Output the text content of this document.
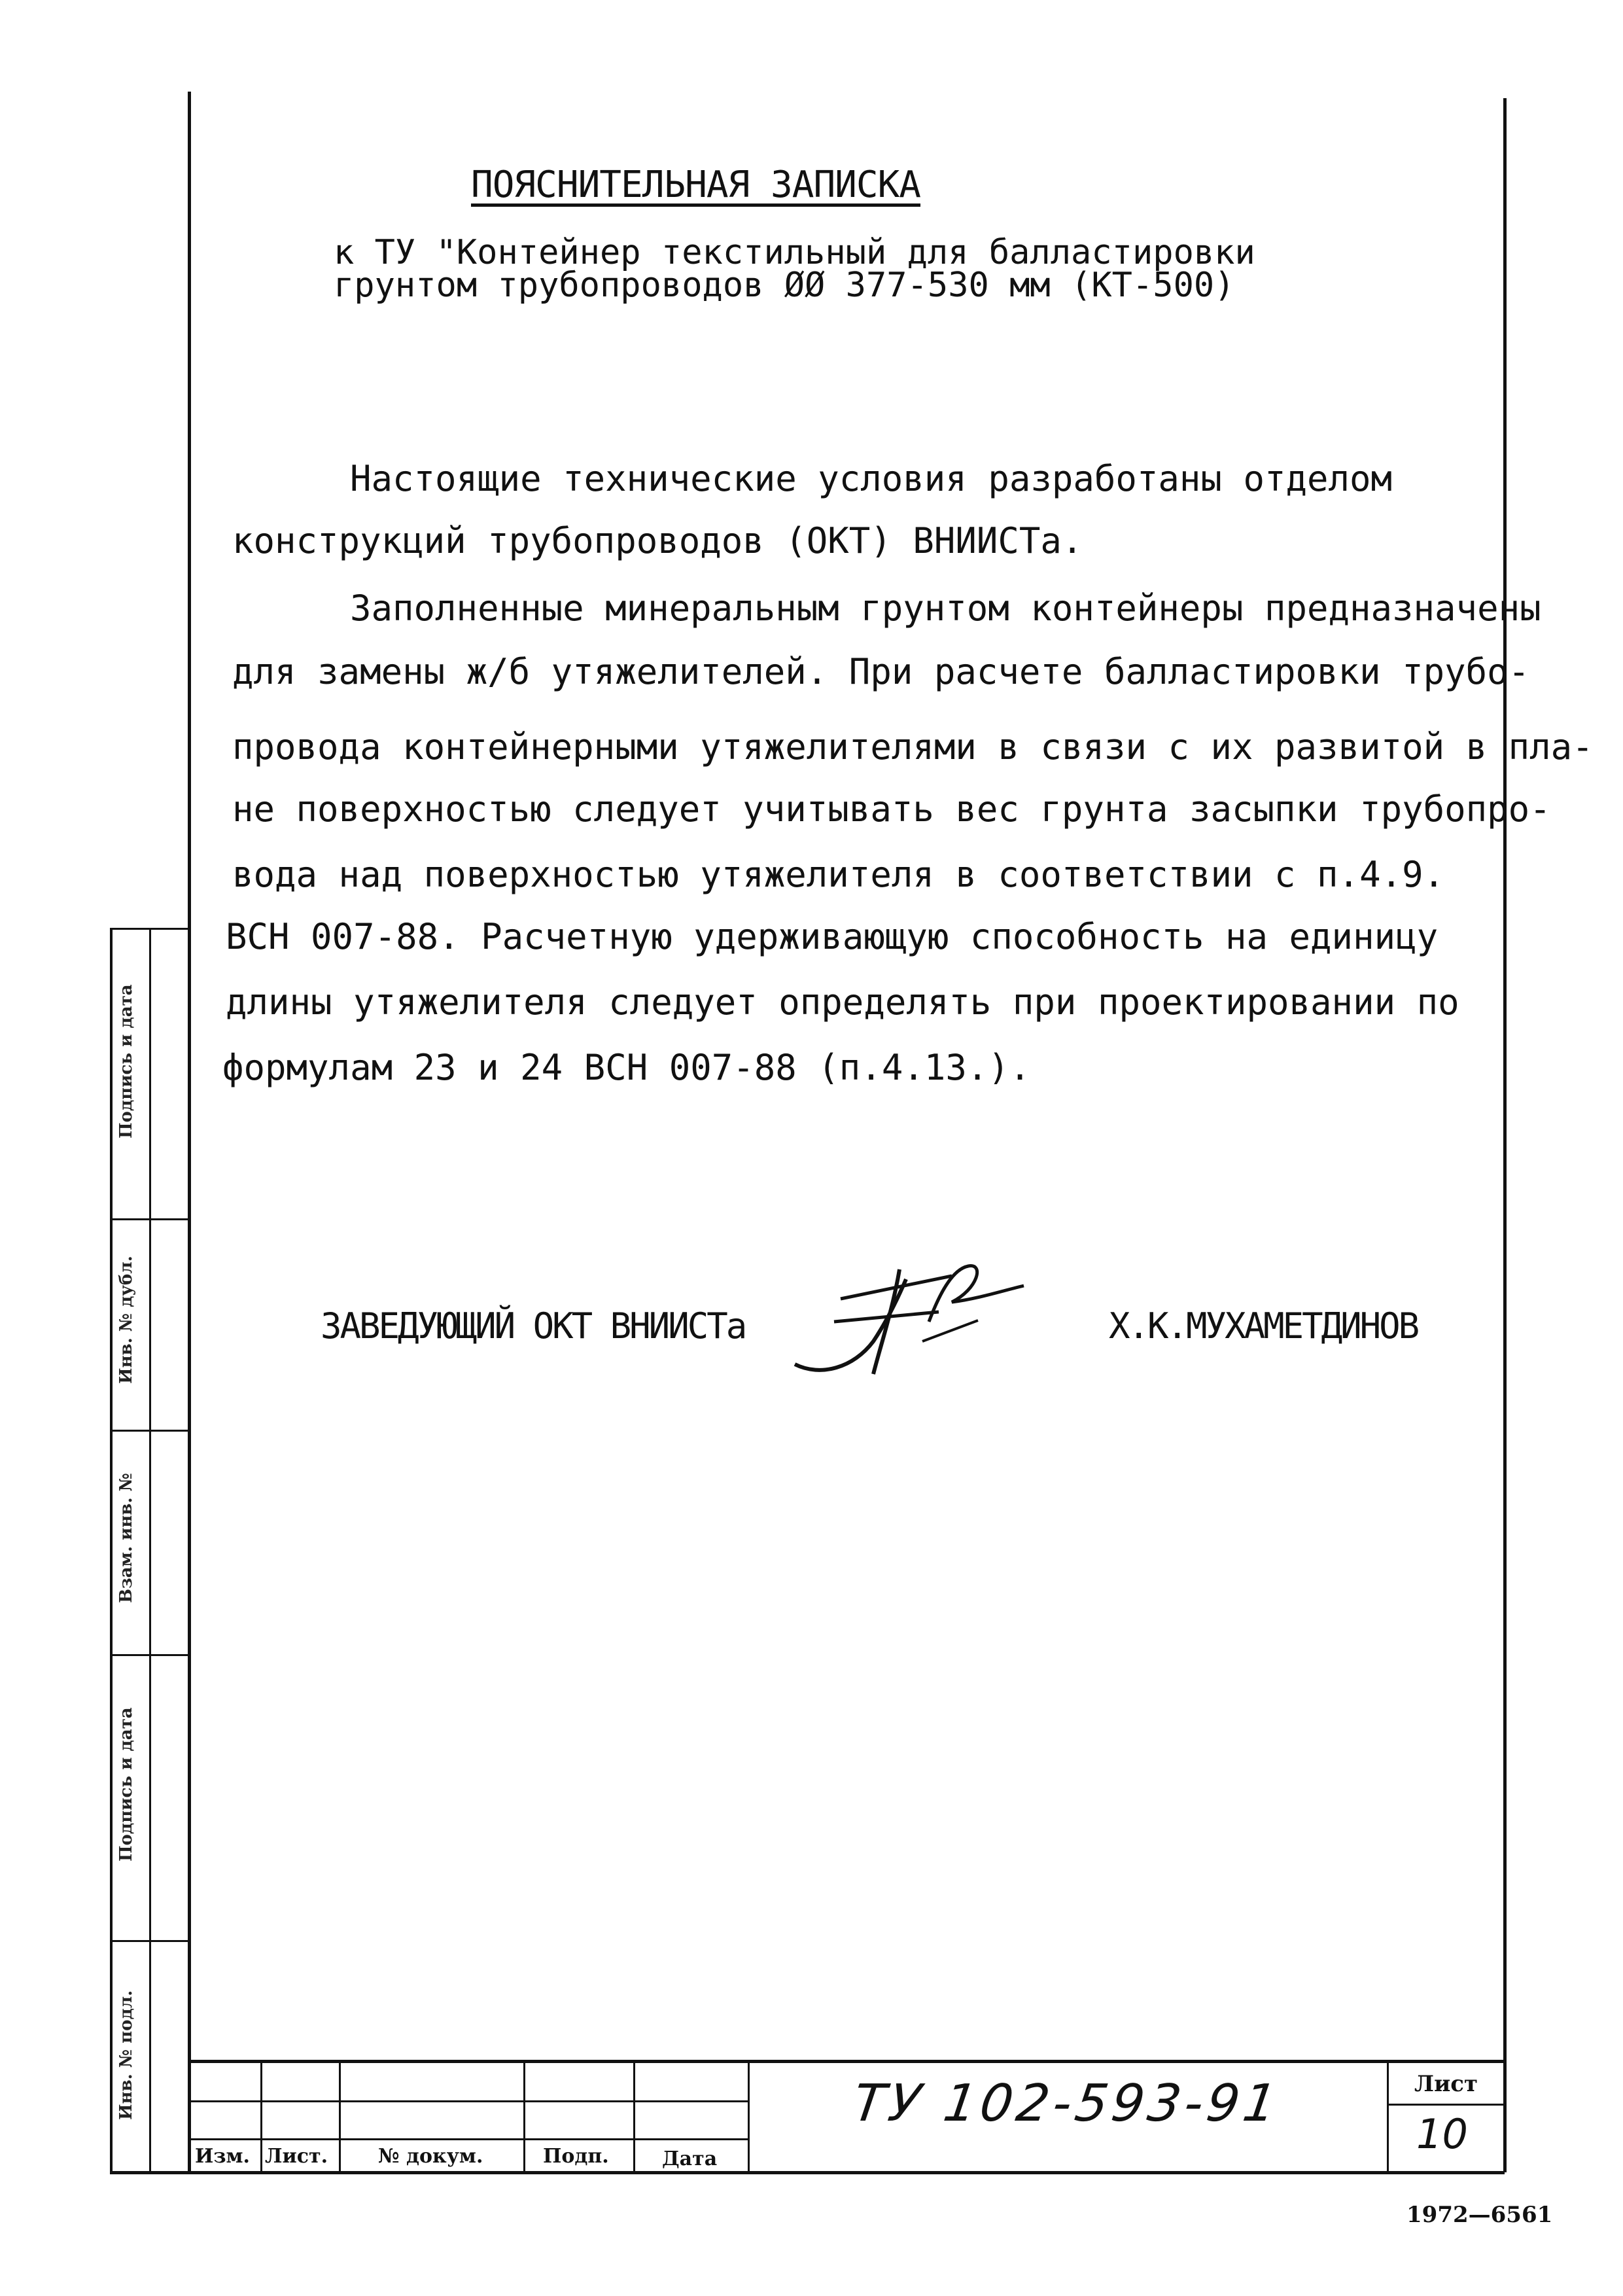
Подпись и дата
Инв. № дубл.
Взам. инв. №
Подпись и дата
Инв. № подл.
ПОЯСНИТЕЛЬНАЯ ЗАПИСКА
к ТУ "Контейнер текстильный для балластировки
грунтом трубопроводов ØØ 377-530 мм (КТ-500)
Настоящие технические условия разработаны отделом
конструкций трубопроводов (ОКТ) ВНИИСТа.
Заполненные минеральным грунтом контейнеры предназначены
для замены ж/б утяжелителей. При расчете балластировки трубо-
провода контейнерными утяжелителями в связи с их развитой в пла-
не поверхностью следует учитывать вес грунта засыпки трубопро-
вода над поверхностью утяжелителя в соответствии с п.4.9.
ВСН 007-88. Расчетную удерживающую способность на единицу
длины утяжелителя следует определять при проектировании по
формулам 23 и 24 ВСН 007-88 (п.4.13.).
ЗАВЕДУЮЩИЙ ОКТ ВНИИСТа	Х.К.МУХАМЕТДИНОВ
Изм. Лист.	№ докум.	Подп.	Дата
ТУ 102-593-91	Лист
10
1972—6561
